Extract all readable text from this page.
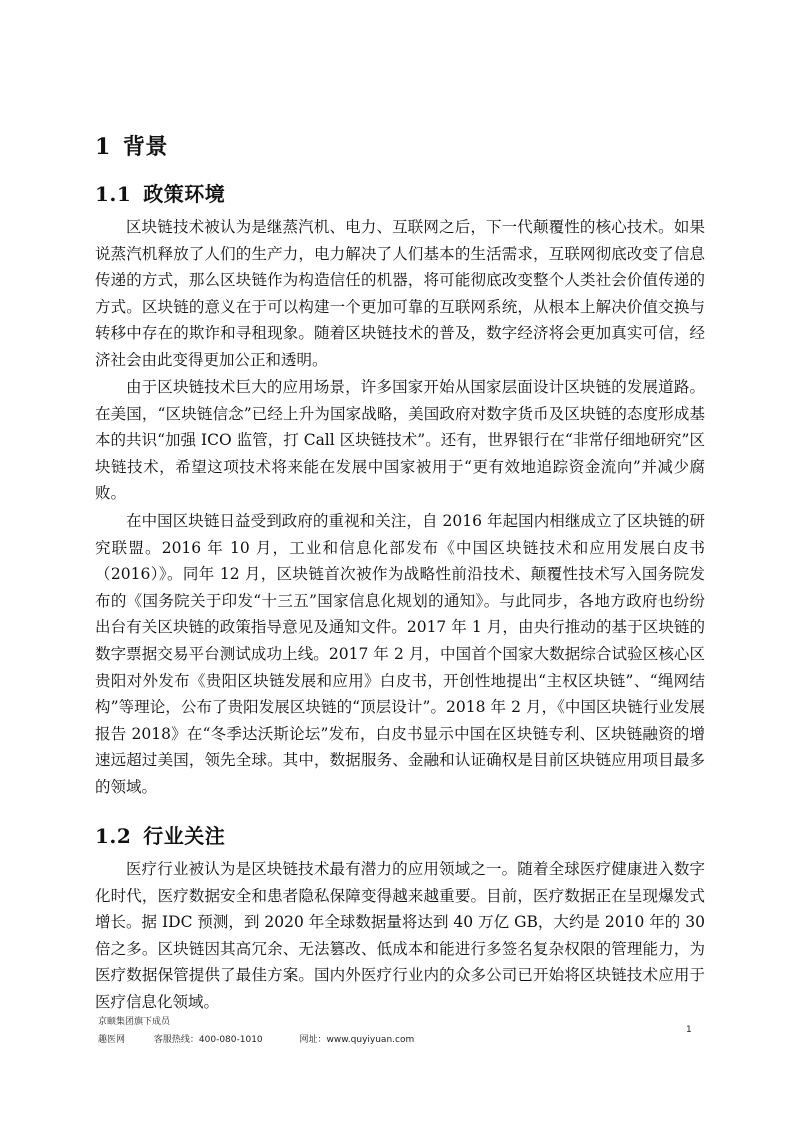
1 背景
1.1 政策环境

区块链技术被认为是继蒸汽机、电力、互联网之后，下一代颠覆性的核心技术。如果说蒸汽机释放了人们的生产力，电力解决了人们基本的生活需求，互联网彻底改变了信息传递的方式，那么区块链作为构造信任的机器，将可能彻底改变整个人类社会价值传递的方式。区块链的意义在于可以构建一个更加可靠的互联网系统，从根本上解决价值交换与转移中存在的欺诈和寻租现象。随着区块链技术的普及，数字经济将会更加真实可信，经济社会由此变得更加公正和透明。

由于区块链技术巨大的应用场景，许多国家开始从国家层面设计区块链的发展道路。在美国，“区块链信念”已经上升为国家战略，美国政府对数字货币及区块链的态度形成基本的共识“加强 ICO 监管，打 Call 区块链技术”。还有，世界银行在“非常仔细地研究”区块链技术，希望这项技术将来能在发展中国家被用于“更有效地追踪资金流向”并减少腐败。

在中国区块链日益受到政府的重视和关注，自 2016 年起国内相继成立了区块链的研究联盟。2016 年 10 月，工业和信息化部发布《中国区块链技术和应用发展白皮书（2016）》。同年 12 月，区块链首次被作为战略性前沿技术、颠覆性技术写入国务院发布的《国务院关于印发“十三五”国家信息化规划的通知》。与此同步，各地方政府也纷纷出台有关区块链的政策指导意见及通知文件。2017 年 1 月，由央行推动的基于区块链的数字票据交易平台测试成功上线。2017 年 2 月，中国首个国家大数据综合试验区核心区贵阳对外发布《贵阳区块链发展和应用》白皮书，开创性地提出“主权区块链”、“绳网结构”等理论，公布了贵阳发展区块链的“顶层设计”。2018 年 2 月，《中国区块链行业发展报告 2018》在“冬季达沃斯论坛”发布，白皮书显示中国在区块链专利、区块链融资的增速远超过美国，领先全球。其中，数据服务、金融和认证确权是目前区块链应用项目最多的领域。

1.2 行业关注

医疗行业被认为是区块链技术最有潜力的应用领域之一。随着全球医疗健康进入数字化时代，医疗数据安全和患者隐私保障变得越来越重要。目前，医疗数据正在呈现爆发式增长。据 IDC 预测，到 2020 年全球数据量将达到 40 万亿 GB，大约是 2010 年的 30 倍之多。区块链因其高冗余、无法篡改、低成本和能进行多签名复杂权限的管理能力，为医疗数据保管提供了最佳方案。国内外医疗行业内的众多公司已开始将区块链技术应用于医疗信息化领域。

京颐集团旗下成员
趣医网	客服热线：400-080-1010	网址：www.quyiyuan.com
1
